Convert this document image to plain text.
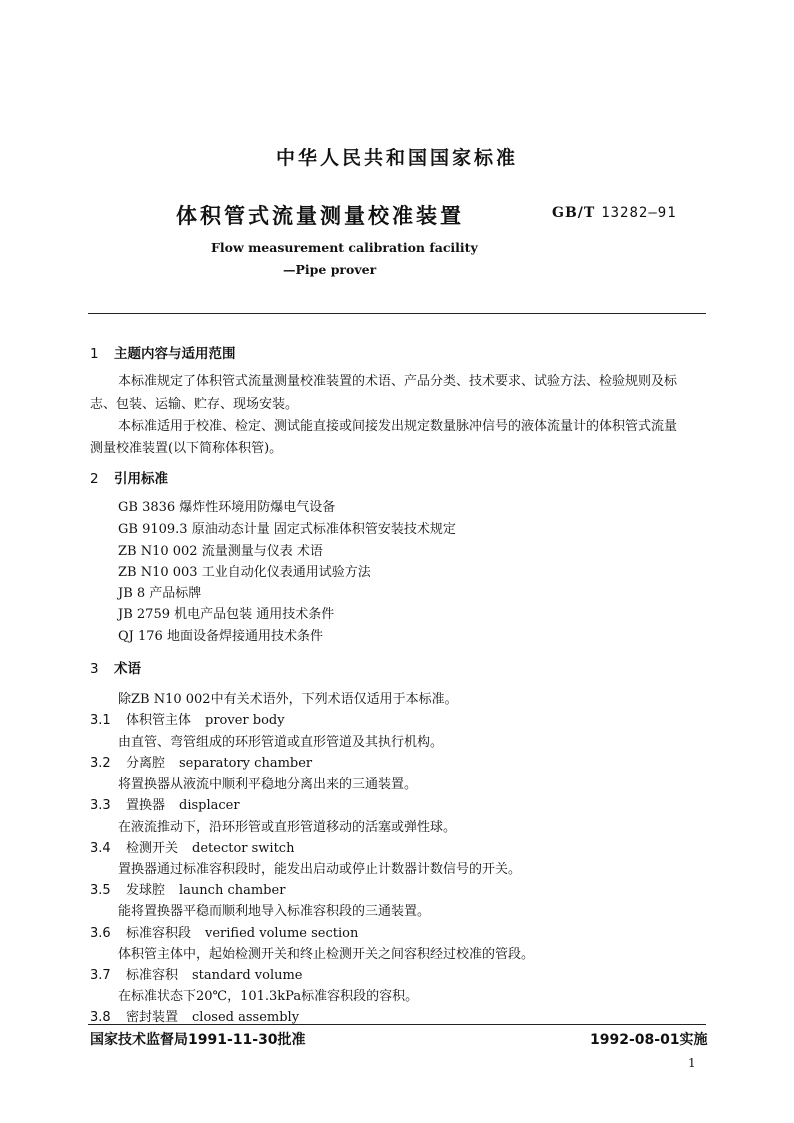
中华人民共和国国家标准
体积管式流量测量校准装置	GB/T 13282—91
Flow measurement calibration facility
—Pipe prover
1 主题内容与适用范围
本标准规定了体积管式流量测量校准装置的术语、产品分类、技术要求、试验方法、检验规则及标
志、包装、运输、贮存、现场安装。
本标准适用于校准、检定、测试能直接或间接发出规定数量脉冲信号的液体流量计的体积管式流量
测量校准装置(以下简称体积管)。
2 引用标准
GB 3836 爆炸性环境用防爆电气设备
GB 9109.3 原油动态计量 固定式标准体积管安装技术规定
ZB N10 002 流量测量与仪表 术语
ZB N10 003 工业自动化仪表通用试验方法
JB 8 产品标牌
JB 2759 机电产品包装 通用技术条件
QJ 176 地面设备焊接通用技术条件
3 术语
除ZB N10 002中有关术语外，下列术语仅适用于本标准。
3.1 体积管主体 prover body
由直管、弯管组成的环形管道或直形管道及其执行机构。
3.2 分离腔 separatory chamber
将置换器从液流中顺利平稳地分离出来的三通装置。
3.3 置换器 displacer
在液流推动下，沿环形管或直形管道移动的活塞或弹性球。
3.4 检测开关 detector switch
置换器通过标准容积段时，能发出启动或停止计数器计数信号的开关。
3.5 发球腔 launch chamber
能将置换器平稳而顺利地导入标准容积段的三通装置。
3.6 标准容积段 verified volume section
体积管主体中，起始检测开关和终止检测开关之间容积经过校准的管段。
3.7 标准容积 standard volume
在标准状态下20℃，101.3kPa标准容积段的容积。
3.8 密封装置 closed assembly
国家技术监督局1991-11-30批准	1992-08-01实施
1
